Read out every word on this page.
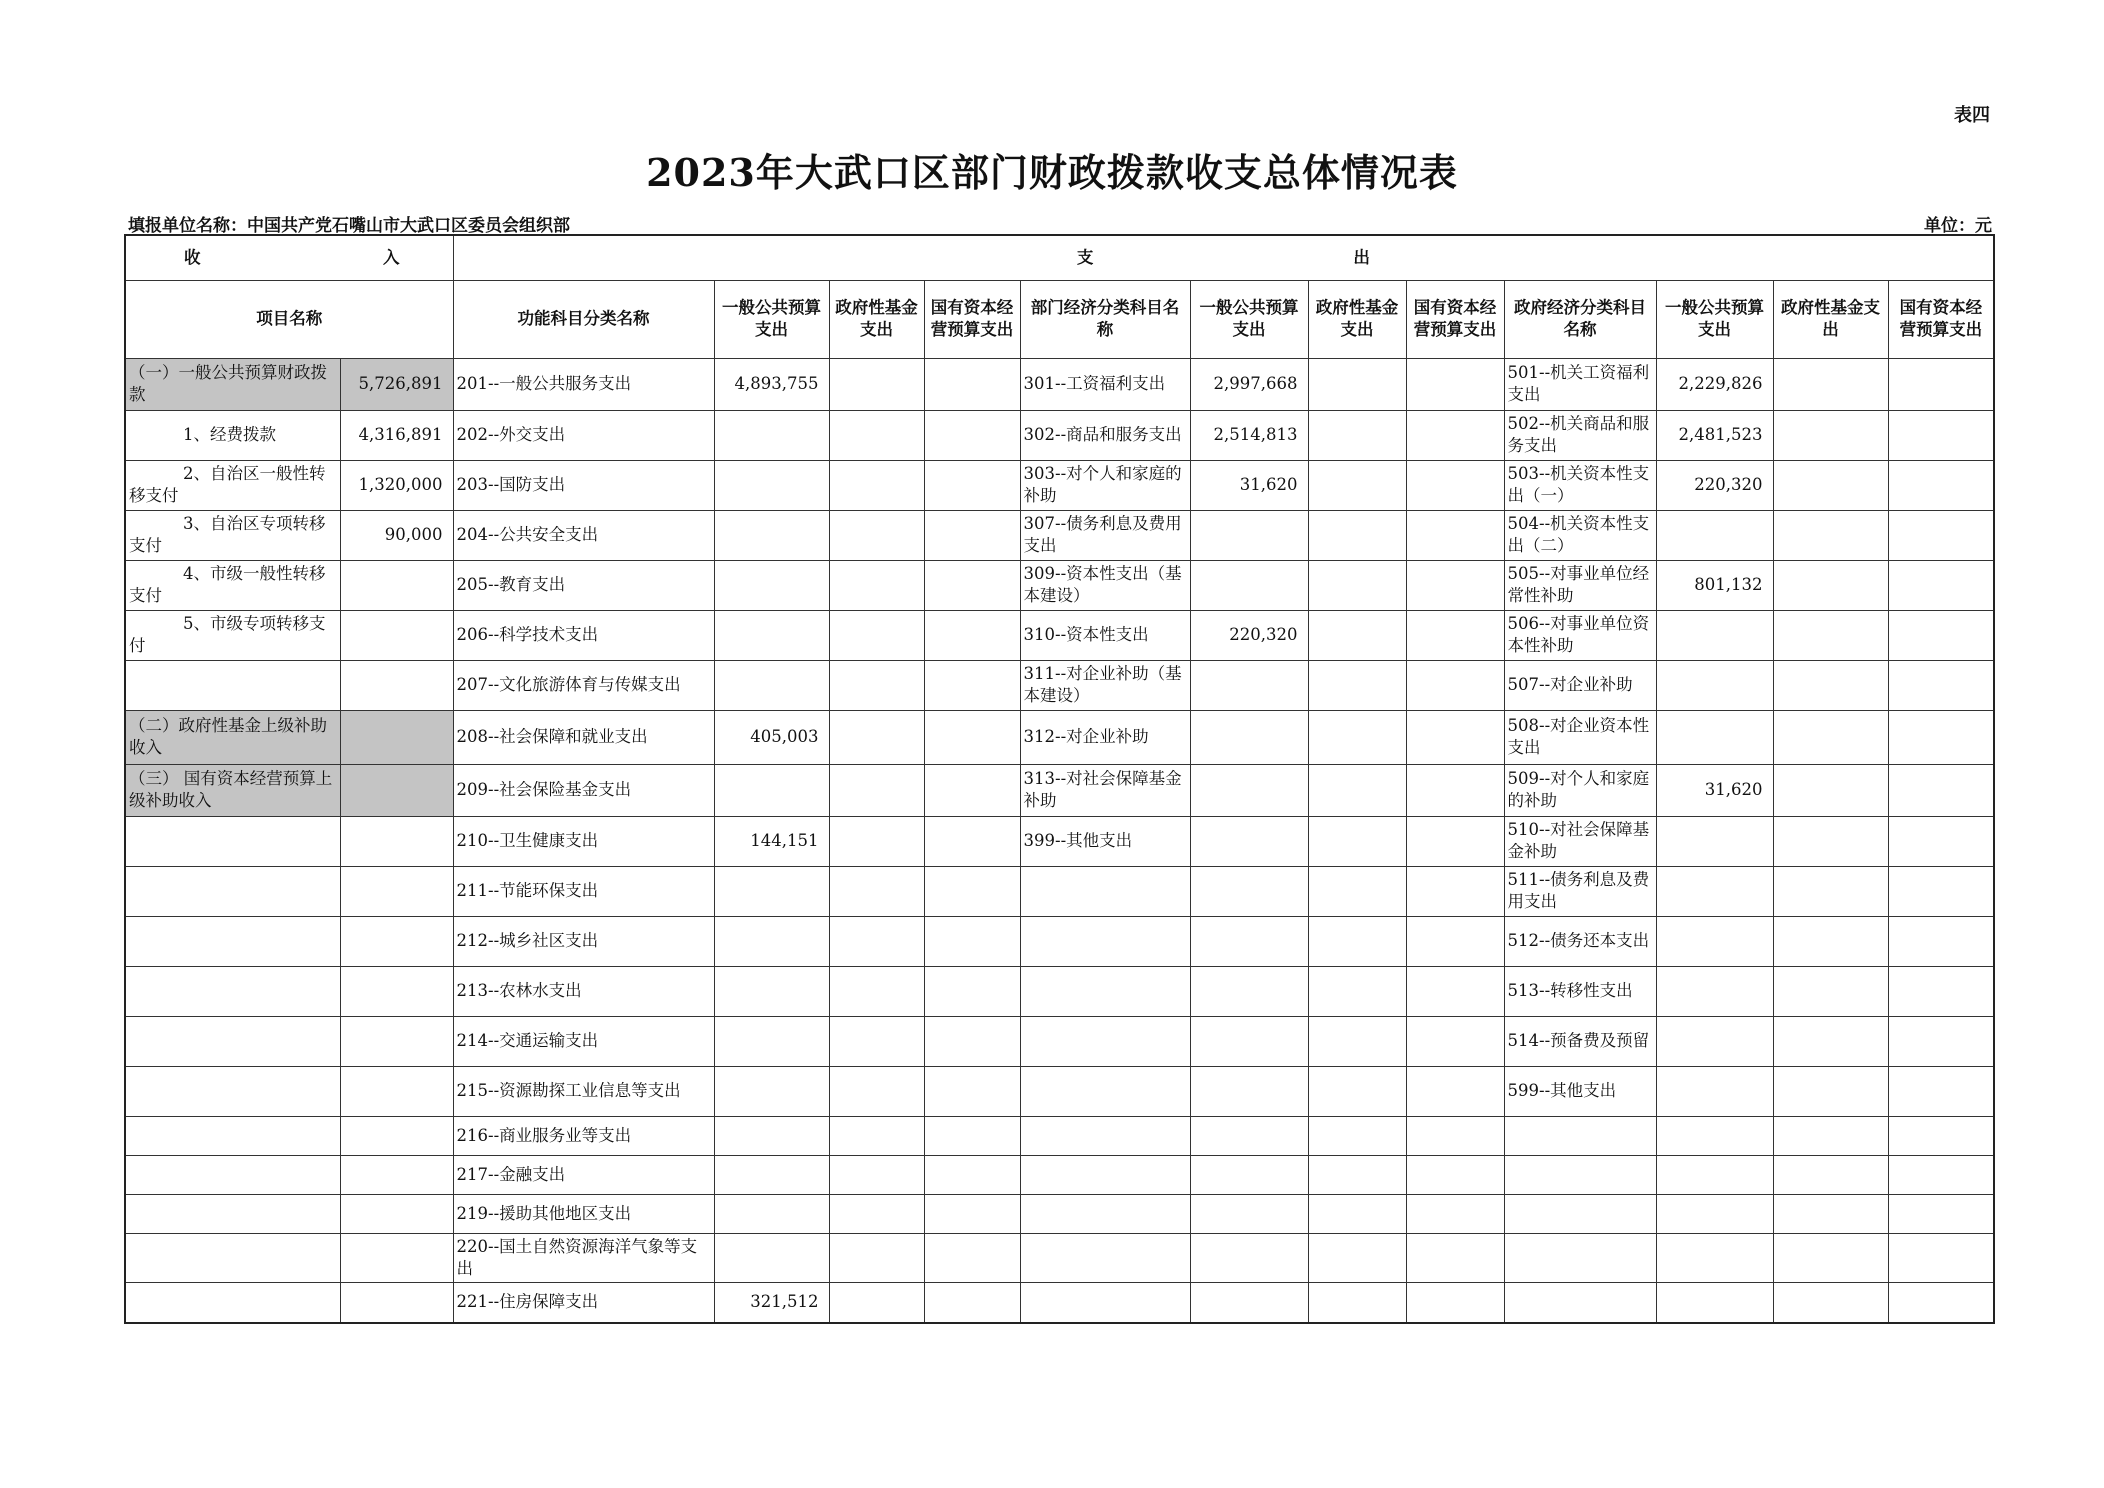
表四
2023年大武口区部门财政拨款收支总体情况表
填报单位名称：中国共产党石嘴山市大武口区委员会组织部	单位：元
收 入		支 出											

项目名称		功能科目分类名称	一般公共预算支出	政府性基金支出	国有资本经营预算支出	部门经济分类科目名称	一般公共预算支出	政府性基金支出	国有资本经营预算支出	政府经济分类科目名称	一般公共预算支出	政府性基金支出	国有资本经营预算支出
（一）一般公共预算财政拨款	5,726,891	201--一般公共服务支出	4,893,755			301--工资福利支出	2,997,668			501--机关工资福利支出	2,229,826		
1、经费拨款	4,316,891	202--外交支出				302--商品和服务支出	2,514,813			502--机关商品和服务支出	2,481,523		
2、自治区一般性转移支付	1,320,000	203--国防支出				303--对个人和家庭的补助	31,620			503--机关资本性支出（一）	220,320		
3、自治区专项转移支付	90,000	204--公共安全支出				307--债务利息及费用支出				504--机关资本性支出（二）			
4、市级一般性转移支付		205--教育支出				309--资本性支出（基本建设）				505--对事业单位经常性补助	801,132		
5、市级专项转移支付		206--科学技术支出				310--资本性支出	220,320			506--对事业单位资本性补助			
		207--文化旅游体育与传媒支出				311--对企业补助（基本建设）				507--对企业补助			
（二）政府性基金上级补助收入		208--社会保障和就业支出	405,003			312--对企业补助				508--对企业资本性 支出			
（三） 国有资本经营预算上级补助收入		209--社会保险基金支出				313--对社会保障基金补助				509--对个人和家庭的补助	31,620		
		210--卫生健康支出	144,151			399--其他支出				510--对社会保障基金补助			
		211--节能环保支出								511--债务利息及费用支出			
		212--城乡社区支出								512--债务还本支出			
		213--农林水支出								513--转移性支出			
		214--交通运输支出								514--预备费及预留			
		215--资源勘探工业信息等支出								599--其他支出			
		216--商业服务业等支出											
		217--金融支出											
		219--援助其他地区支出											
		220--国土自然资源海洋气象等支出											
		221--住房保障支出	321,512										
